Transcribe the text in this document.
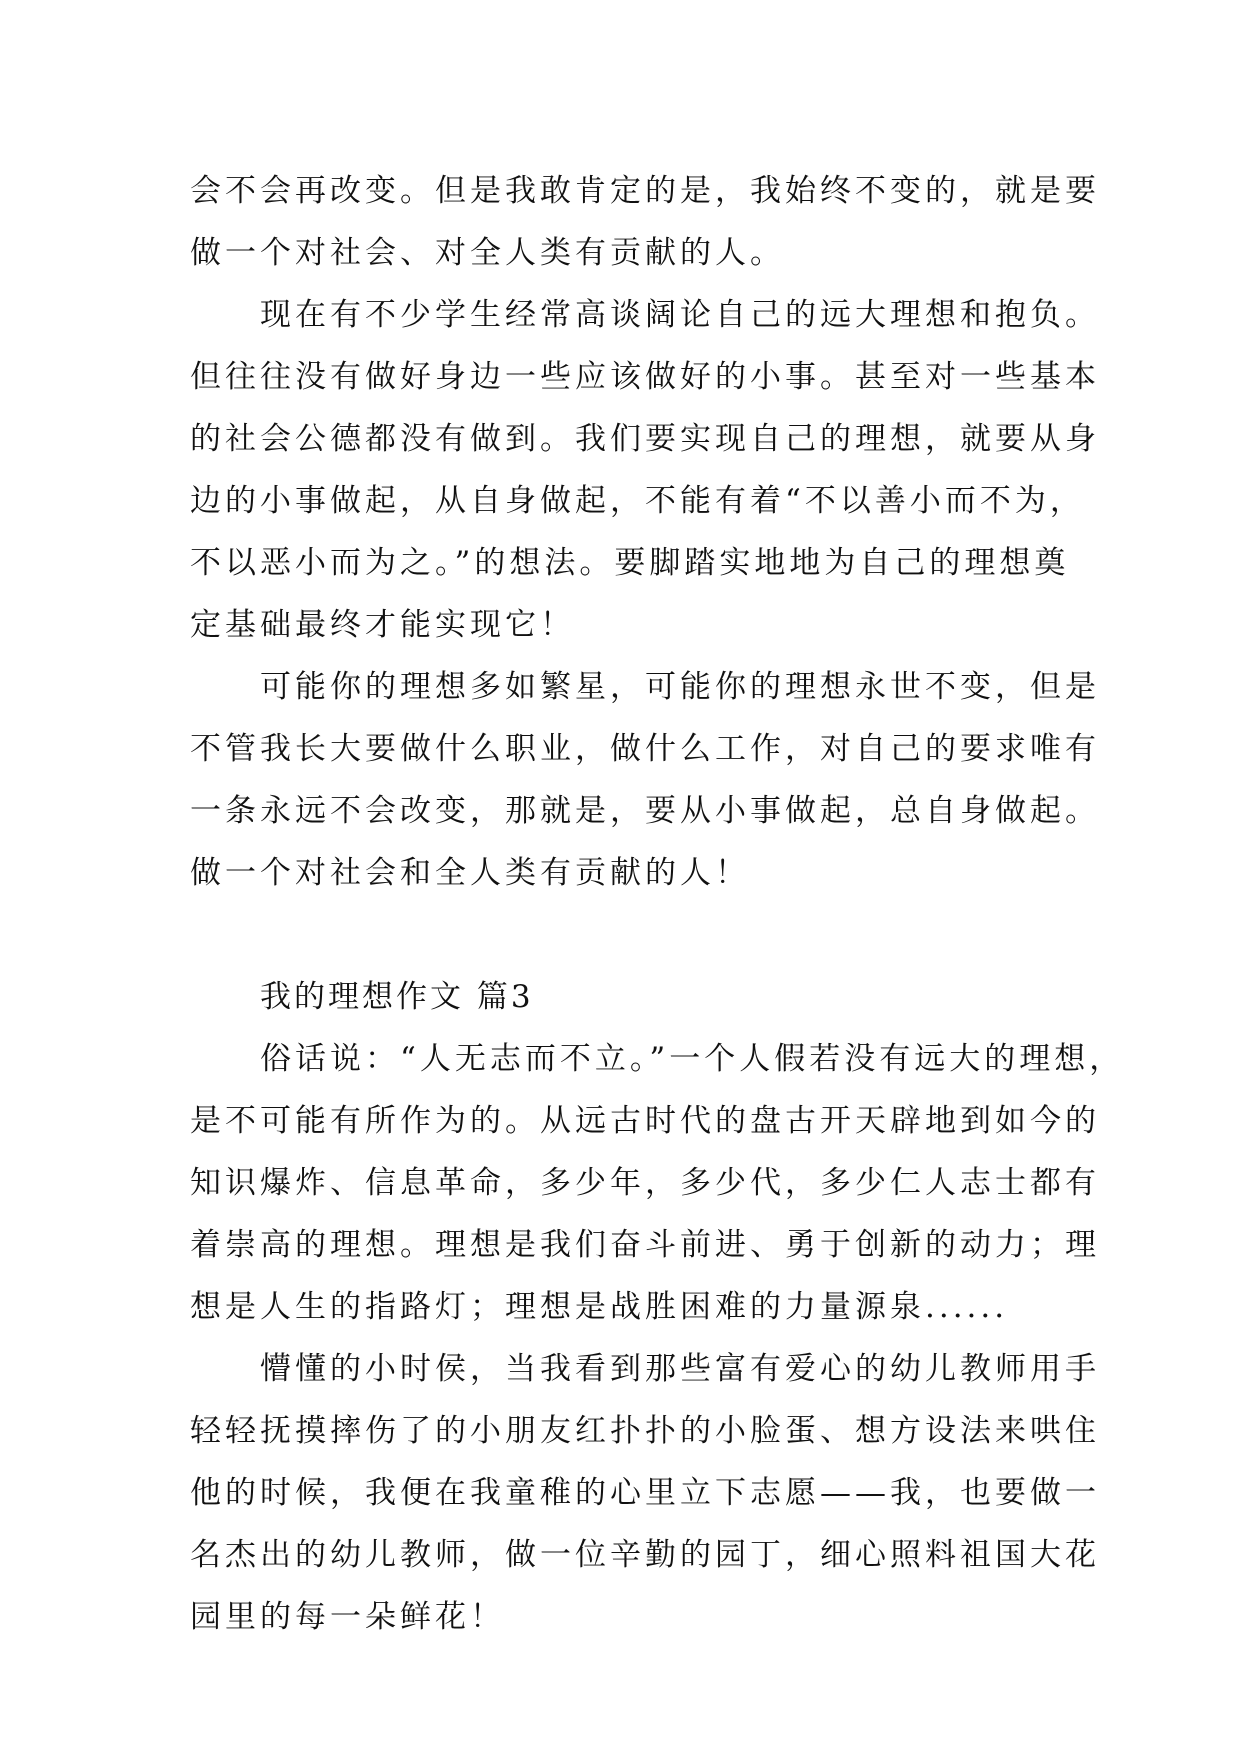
会不会再改变。但是我敢肯定的是，我始终不变的，就是要
做一个对社会、对全人类有贡献的人。
现在有不少学生经常高谈阔论自己的远大理想和抱负。
但往往没有做好身边一些应该做好的小事。甚至对一些基本
的社会公德都没有做到。我们要实现自己的理想，就要从身
边的小事做起，从自身做起，不能有着“不以善小而不为，
不以恶小而为之。”的想法。要脚踏实地地为自己的理想奠
定基础最终才能实现它！
可能你的理想多如繁星，可能你的理想永世不变，但是
不管我长大要做什么职业，做什么工作，对自己的要求唯有
一条永远不会改变，那就是，要从小事做起，总自身做起。
做一个对社会和全人类有贡献的人！
我的理想作文 篇3
俗话说：“人无志而不立。”一个人假若没有远大的理想，
是不可能有所作为的。从远古时代的盘古开天辟地到如今的
知识爆炸、信息革命，多少年，多少代，多少仁人志士都有
着崇高的理想。理想是我们奋斗前进、勇于创新的动力；理
想是人生的指路灯；理想是战胜困难的力量源泉......
懵懂的小时侯，当我看到那些富有爱心的幼儿教师用手
轻轻抚摸摔伤了的小朋友红扑扑的小脸蛋、想方设法来哄住
他的时候，我便在我童稚的心里立下志愿——我，也要做一
名杰出的幼儿教师，做一位辛勤的园丁，细心照料祖国大花
园里的每一朵鲜花！
